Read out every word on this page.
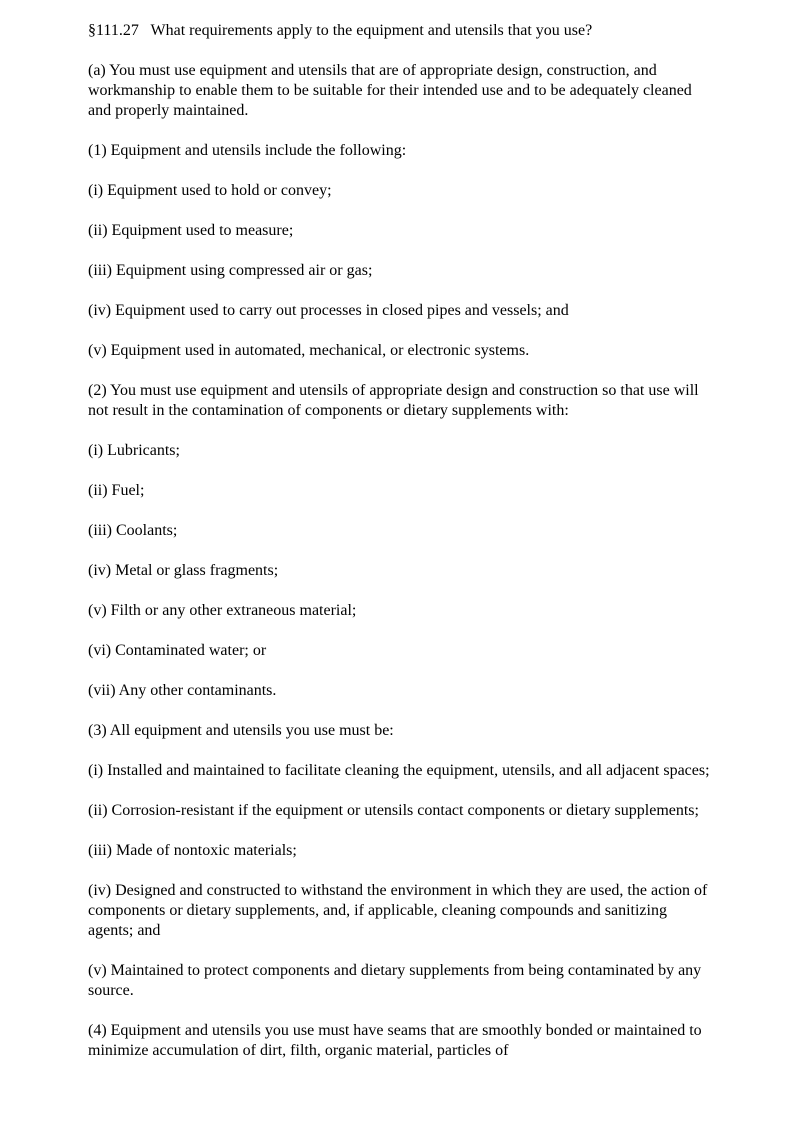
§111.27   What requirements apply to the equipment and utensils that you use?

(a) You must use equipment and utensils that are of appropriate design, construction, and workmanship to enable them to be suitable for their intended use and to be adequately cleaned and properly maintained.

(1) Equipment and utensils include the following:

(i) Equipment used to hold or convey;

(ii) Equipment used to measure;

(iii) Equipment using compressed air or gas;

(iv) Equipment used to carry out processes in closed pipes and vessels; and

(v) Equipment used in automated, mechanical, or electronic systems.

(2) You must use equipment and utensils of appropriate design and construction so that use will not result in the contamination of components or dietary supplements with:

(i) Lubricants;

(ii) Fuel;

(iii) Coolants;

(iv) Metal or glass fragments;

(v) Filth or any other extraneous material;

(vi) Contaminated water; or

(vii) Any other contaminants.

(3) All equipment and utensils you use must be:

(i) Installed and maintained to facilitate cleaning the equipment, utensils, and all adjacent spaces;

(ii) Corrosion-resistant if the equipment or utensils contact components or dietary supplements;

(iii) Made of nontoxic materials;

(iv) Designed and constructed to withstand the environment in which they are used, the action of components or dietary supplements, and, if applicable, cleaning compounds and sanitizing agents; and

(v) Maintained to protect components and dietary supplements from being contaminated by any source.

(4) Equipment and utensils you use must have seams that are smoothly bonded or maintained to minimize accumulation of dirt, filth, organic material, particles of
